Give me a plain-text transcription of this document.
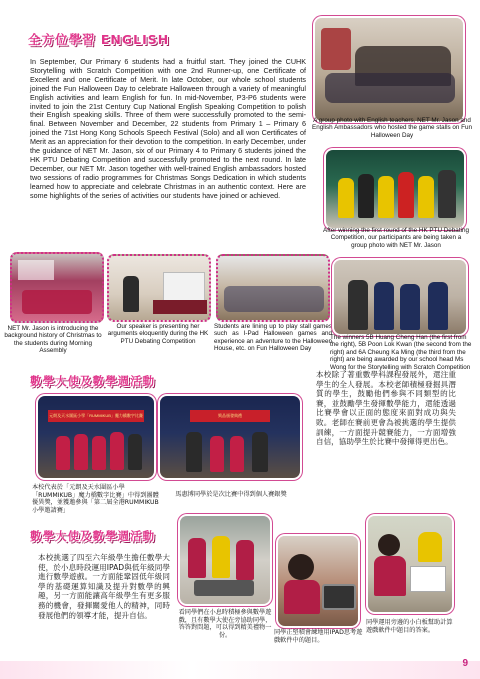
全方位學習 ENGLISH
In September, Our Primary 6 students had a fruitful start. They joined the CUHK Storytelling with Scratch Competition with one 2nd Runner-up, one Certificate of Excellent and one Certificate of Merit. In late October, our whole school students joined the Fun Halloween Day to celebrate Halloween through a variety of meaningful English activities and learn English for fun. In mid-November, P3-P6 students were invited to join the 21st Century Cup National English Speaking Competition to polish their English speaking skills. Three of them were successfully promoted to the semi-final. Between November and December, 22 students from Primary 1 – Primary 6 joined the 71st Hong Kong Schools Speech Festival (Solo) and all won Certificates of Merit as an appreciation for their devotion to the competition. In early December, under the guidance of NET Mr. Jason, six of our Primary 4 to Primary 6 students joined the HK PTU Debating Competition and successfully promoted to the next round. In late December, our NET Mr. Jason together with well-trained English ambassadors hosted two sessions of radio programmes for Christmas Songs Dedication in which students learned how to appreciate and celebrate Christmas in an authentic context. Here are some highlights of the series of activities our students have joined or achieved.
A group photo with English teachers, NET Mr. Jason and English Ambassadors who hosted the game stalls on Fun Halloween Day
After winning the first round of the HK PTU Debating Competition, our participants are being taken a group photo with NET Mr. Jason
NET Mr. Jason is introducing the background history of Christmas to the students during Morning Assembly
Our speaker is presenting her arguments eloquently during the HK PTU Debating Competition
Students are lining up to play stall games such as I-Pad Halloween games and experience an adventure to the Halloween House, etc. on Fun Halloween Day
The winners 5B Huang Cheng Han (the first from the right), 5B Poon Lok Kwan (the second from the right) and 6A Cheung Ka Ming (the third from the right) are being awarded by our school head Ms Wong for the Storytelling with Scratch Competition
數學大使及數學週活動
元朗及天水圍區小學「RUMMIKUB」魔力橋數字比賽
本校代表於「元朗及天水圍區小學「RUMMIKUB」魔力橋數字比賽」中得到團體優異獎，並獲邀參與「第二屆全港RUMMIKUB小學邀請賽」
獎品頒發典禮
馬惠博同學於是次比賽中得到個人賽銀獎
本校除了著重數學科課程發展外，還注重學生的全人發展。本校老師積極發掘具潛質的學生，鼓勵他們參與不同類型的比賽，並鼓勵學生發揮數學能力，還能透過比賽學會以正面的態度來面對成功與失敗。老師在賽前更會為被挑選的學生提供訓練，一方面提升競賽能力，一方面增強自信，協助學生於比賽中發揮得更出色。
數學大使及數學週活動
本校挑選了四至六年級學生擔任數學大使，於小息時段運用IPAD與低年級同學進行數學遊戲。一方面能鞏固低年級同學的基礎運算知識及提升對數學的興趣，另一方面能讓高年級學生有更多服務的機會，發揮關愛他人的精神，同時發展他們的領導才能，提升自信。	看同學們在小息時積極參與數學遊戲，且有數學大使在旁協助同學，答答對問題，可以得到精美禮物一份。	同學正堅積會練地用IPAD思考遊戲軟件中的題目。
同學運用旁邊的小白板幫助計算遊戲軟件中題目的答案。
9
